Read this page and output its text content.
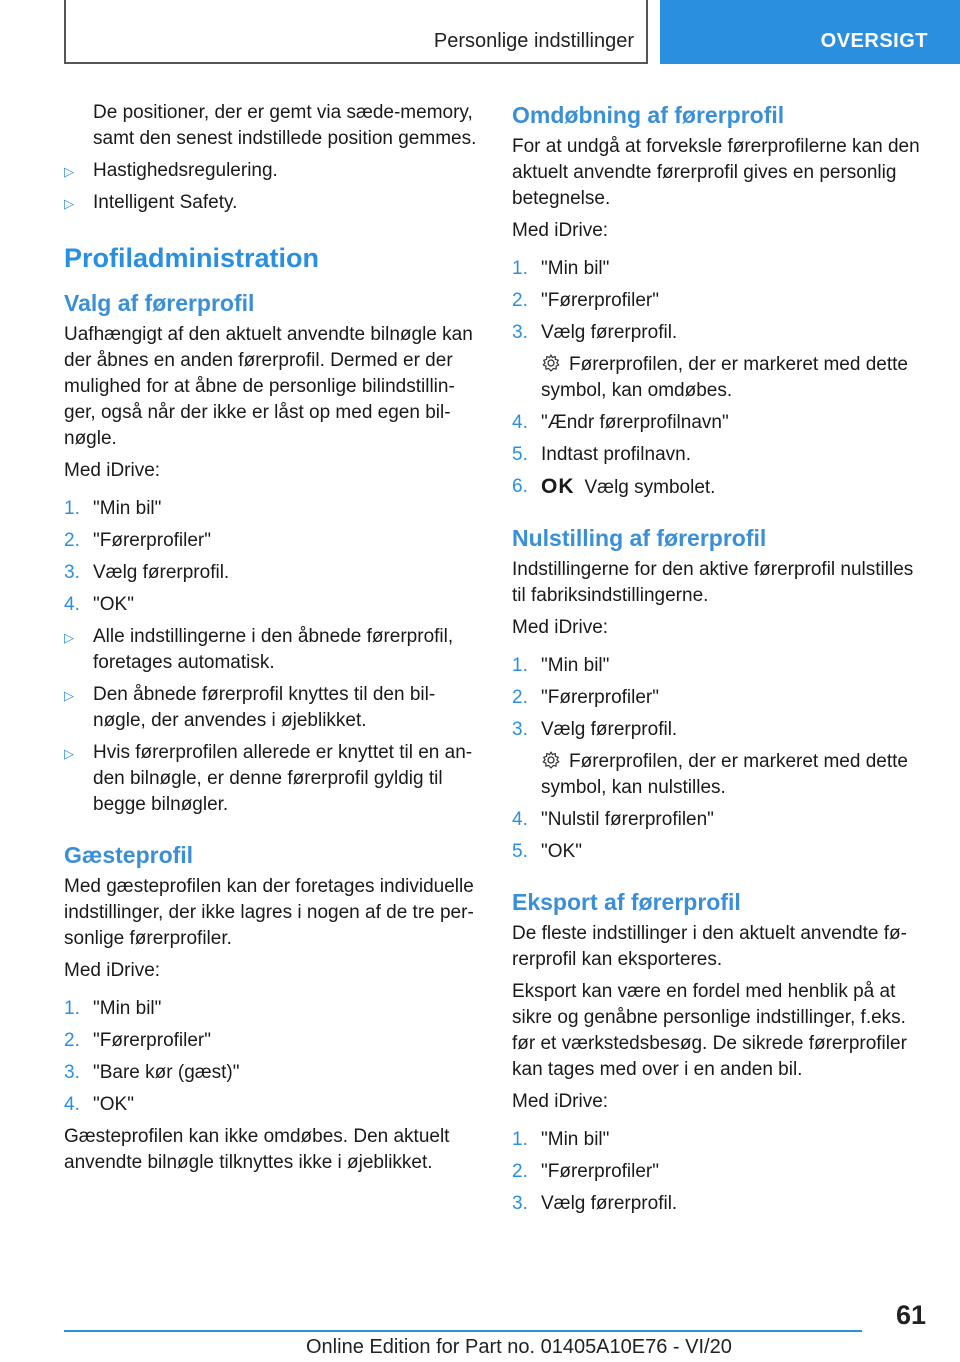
Personlige indstillinger	OVERSIGT
De positioner, der er gemt via sæde-memory, samt den senest indstillede position gemmes.
▷ Hastighedsregulering.
▷ Intelligent Safety.
Profiladministration
Valg af førerprofil
Uafhængigt af den aktuelt anvendte bilnøgle kan der åbnes en anden førerprofil. Dermed er der mulighed for at åbne de personlige bilindstillinger, også når der ikke er låst op med egen bilnøgle.
Med iDrive:
1. "Min bil"
2. "Førerprofiler"
3. Vælg førerprofil.
4. "OK"
▷ Alle indstillingerne i den åbnede førerprofil, foretages automatisk.
▷ Den åbnede førerprofil knyttes til den bilnøgle, der anvendes i øjeblikket.
▷ Hvis førerprofilen allerede er knyttet til en anden bilnøgle, er denne førerprofil gyldig til begge bilnøgler.
Gæsteprofil
Med gæsteprofilen kan der foretages individuelle indstillinger, der ikke lagres i nogen af de tre personlige førerprofiler.
Med iDrive:
1. "Min bil"
2. "Førerprofiler"
3. "Bare kør (gæst)"
4. "OK"
Gæsteprofilen kan ikke omdøbes. Den aktuelt anvendte bilnøgle tilknyttes ikke i øjeblikket.
Omdøbning af førerprofil
For at undgå at forveksle førerprofilerne kan den aktuelt anvendte førerprofil gives en personlig betegnelse.
Med iDrive:
1. "Min bil"
2. "Førerprofiler"
3. Vælg førerprofil.
Førerprofilen, der er markeret med dette symbol, kan omdøbes.
4. "Ændr førerprofilnavn"
5. Indtast profilnavn.
6. OK Vælg symbolet.
Nulstilling af førerprofil
Indstillingerne for den aktive førerprofil nulstilles til fabriksindstillingerne.
Med iDrive:
1. "Min bil"
2. "Førerprofiler"
3. Vælg førerprofil.
Førerprofilen, der er markeret med dette symbol, kan nulstilles.
4. "Nulstil førerprofilen"
5. "OK"
Eksport af førerprofil
De fleste indstillinger i den aktuelt anvendte førerprofil kan eksporteres.
Eksport kan være en fordel med henblik på at sikre og genåbne personlige indstillinger, f.eks. før et værkstedsbesøg. De sikrede førerprofiler kan tages med over i en anden bil.
Med iDrive:
1. "Min bil"
2. "Førerprofiler"
3. Vælg førerprofil.
61
Online Edition for Part no. 01405A10E76 - VI/20
